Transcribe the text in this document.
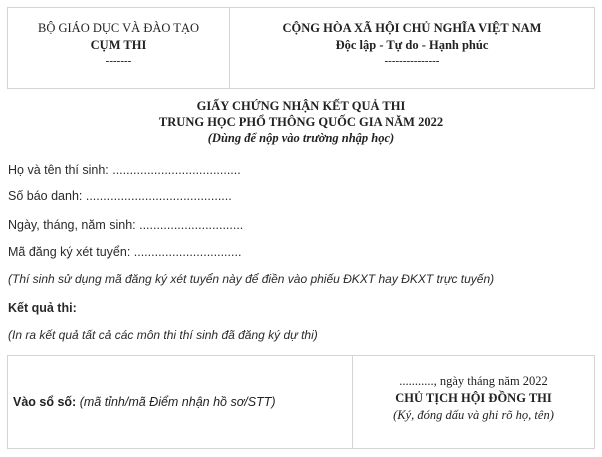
BỘ GIÁO DỤC VÀ ĐÀO TẠO
CỤM THI
-------
CỘNG HÒA XÃ HỘI CHỦ NGHĨA VIỆT NAM
Độc lập - Tự do - Hạnh phúc
---------------
GIẤY CHỨNG NHẬN KẾT QUẢ THI
TRUNG HỌC PHỔ THÔNG QUỐC GIA NĂM 2022
(Dùng để nộp vào trường nhập học)
Họ và tên thí sinh: .....................................
Số báo danh: ..........................................
Ngày, tháng, năm sinh: ..............................
Mã đăng ký xét tuyển: ...............................
(Thí sinh sử dụng mã đăng ký xét tuyển này để điền vào phiếu ĐKXT hay ĐKXT trực tuyến)
Kết quả thi:
(In ra kết quả tất cả các môn thi thí sinh đã đăng ký dự thi)
Vào sổ số: (mã tỉnh/mã Điểm nhận hồ sơ/STT)
..........., ngày tháng năm 2022
CHỦ TỊCH HỘI ĐỒNG THI
(Ký, đóng dấu và ghi rõ họ, tên)
